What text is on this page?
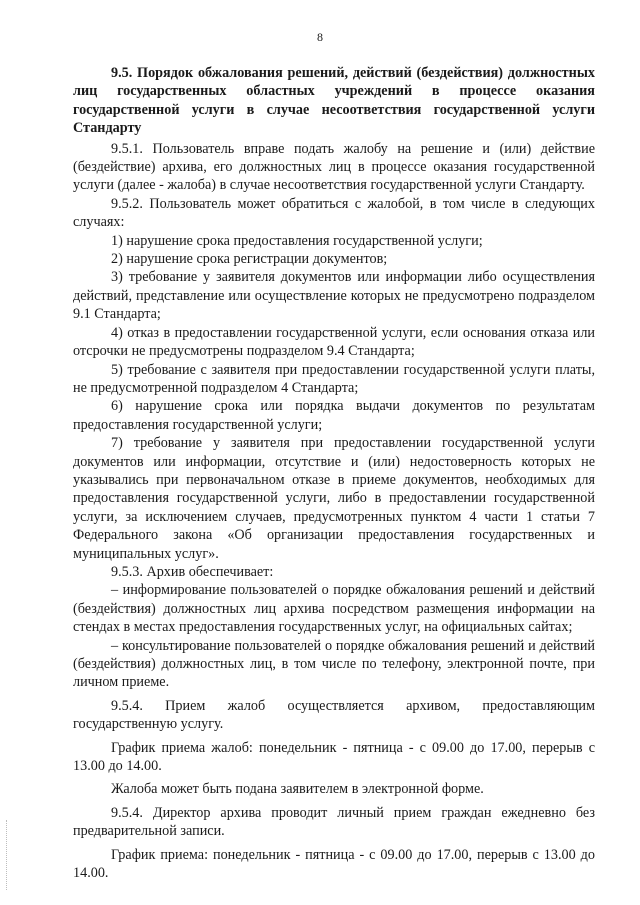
8

9.5. Порядок обжалования решений, действий (бездействия) должностных лиц государственных областных учреждений в процессе оказания государственной услуги в случае несоответствия государственной услуги Стандарту

9.5.1. Пользователь вправе подать жалобу на решение и (или) действие (бездействие) архива, его должностных лиц в процессе оказания государственной услуги (далее - жалоба) в случае несоответствия государственной услуги Стандарту.

9.5.2. Пользователь может обратиться с жалобой, в том числе в следующих случаях:

1) нарушение срока предоставления государственной услуги;

2) нарушение срока регистрации документов;

3) требование у заявителя документов или информации либо осуществления действий, представление или осуществление которых не предусмотрено подразделом 9.1 Стандарта;

4) отказ в предоставлении государственной услуги, если основания отказа или отсрочки не предусмотрены подразделом 9.4 Стандарта;

5) требование с заявителя при предоставлении государственной услуги платы, не предусмотренной подразделом 4 Стандарта;

6) нарушение срока или порядка выдачи документов по результатам предоставления государственной услуги;

7) требование у заявителя при предоставлении государственной услуги документов или информации, отсутствие и (или) недостоверность которых не указывались при первоначальном отказе в приеме документов, необходимых для предоставления государственной услуги, либо в предоставлении государственной услуги, за исключением случаев, предусмотренных пунктом 4 части 1 статьи 7 Федерального закона «Об организации предоставления государственных и муниципальных услуг».

9.5.3. Архив обеспечивает:

– информирование пользователей о порядке обжалования решений и действий (бездействия) должностных лиц архива посредством размещения информации на стендах в местах предоставления государственных услуг, на официальных сайтах;

– консультирование пользователей о порядке обжалования решений и действий (бездействия) должностных лиц, в том числе по телефону, электронной почте, при личном приеме.

9.5.4. Прием жалоб осуществляется архивом, предоставляющим государственную услугу.

График приема жалоб: понедельник - пятница - с 09.00 до 17.00, перерыв с 13.00 до 14.00.

Жалоба может быть подана заявителем в электронной форме.

9.5.4. Директор архива проводит личный прием граждан ежедневно без предварительной записи.

График приема: понедельник - пятница - с 09.00 до 17.00, перерыв с 13.00 до 14.00.
